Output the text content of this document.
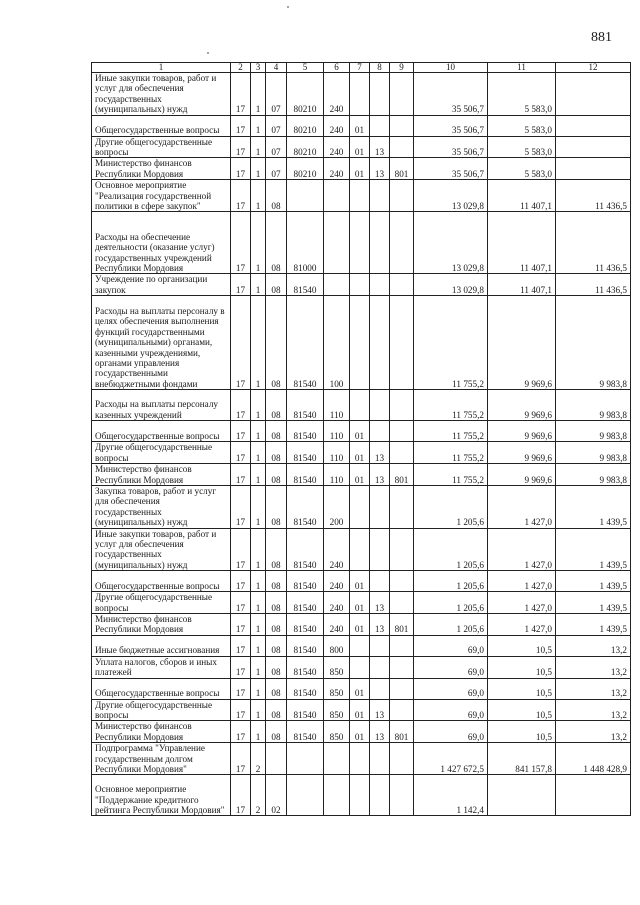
881
1	2	3	4	5	6	7	8	9	10	11	12
Иные закупки товаров, работ и услуг для обеспечения государственных (муниципальных) нужд	17	1	07	80210	240				35 506,7	5 583,0	
Общегосударственные вопросы	17	1	07	80210	240	01			35 506,7	5 583,0	
Другие общегосударственные вопросы	17	1	07	80210	240	01	13		35 506,7	5 583,0	
Министерство финансов Республики Мордовия	17	1	07	80210	240	01	13	801	35 506,7	5 583,0	
Основное мероприятие "Реализация государственной политики в сфере закупок"	17	1	08						13 029,8	11 407,1	11 436,5
Расходы на обеспечение деятельности (оказание услуг) государственных учреждений Республики Мордовия	17	1	08	81000					13 029,8	11 407,1	11 436,5
Учреждение по организации закупок	17	1	08	81540					13 029,8	11 407,1	11 436,5
Расходы на выплаты персоналу в целях обеспечения выполнения функций государственными (муниципальными) органами, казенными учреждениями, органами управления государственными внебюджетными фондами	17	1	08	81540	100				11 755,2	9 969,6	9 983,8
Расходы на выплаты персоналу казенных учреждений	17	1	08	81540	110				11 755,2	9 969,6	9 983,8
Общегосударственные вопросы	17	1	08	81540	110	01			11 755,2	9 969,6	9 983,8
Другие общегосударственные вопросы	17	1	08	81540	110	01	13		11 755,2	9 969,6	9 983,8
Министерство финансов Республики Мордовия	17	1	08	81540	110	01	13	801	11 755,2	9 969,6	9 983,8
Закупка товаров, работ и услуг для обеспечения государственных (муниципальных) нужд	17	1	08	81540	200				1 205,6	1 427,0	1 439,5
Иные закупки товаров, работ и услуг для обеспечения государственных (муниципальных) нужд	17	1	08	81540	240				1 205,6	1 427,0	1 439,5
Общегосударственные вопросы	17	1	08	81540	240	01			1 205,6	1 427,0	1 439,5
Другие общегосударственные вопросы	17	1	08	81540	240	01	13		1 205,6	1 427,0	1 439,5
Министерство финансов Республики Мордовия	17	1	08	81540	240	01	13	801	1 205,6	1 427,0	1 439,5
Иные бюджетные ассигнования	17	1	08	81540	800				69,0	10,5	13,2
Уплата налогов, сборов и иных платежей	17	1	08	81540	850				69,0	10,5	13,2
Общегосударственные вопросы	17	1	08	81540	850	01			69,0	10,5	13,2
Другие общегосударственные вопросы	17	1	08	81540	850	01	13		69,0	10,5	13,2
Министерство финансов Республики Мордовия	17	1	08	81540	850	01	13	801	69,0	10,5	13,2
Подпрограмма "Управление государственным долгом Республики Мордовия"	17	2							1 427 672,5	841 157,8	1 448 428,9
Основное мероприятие "Поддержание кредитного рейтинга Республики Мордовия"	17	2	02						1 142,4		
